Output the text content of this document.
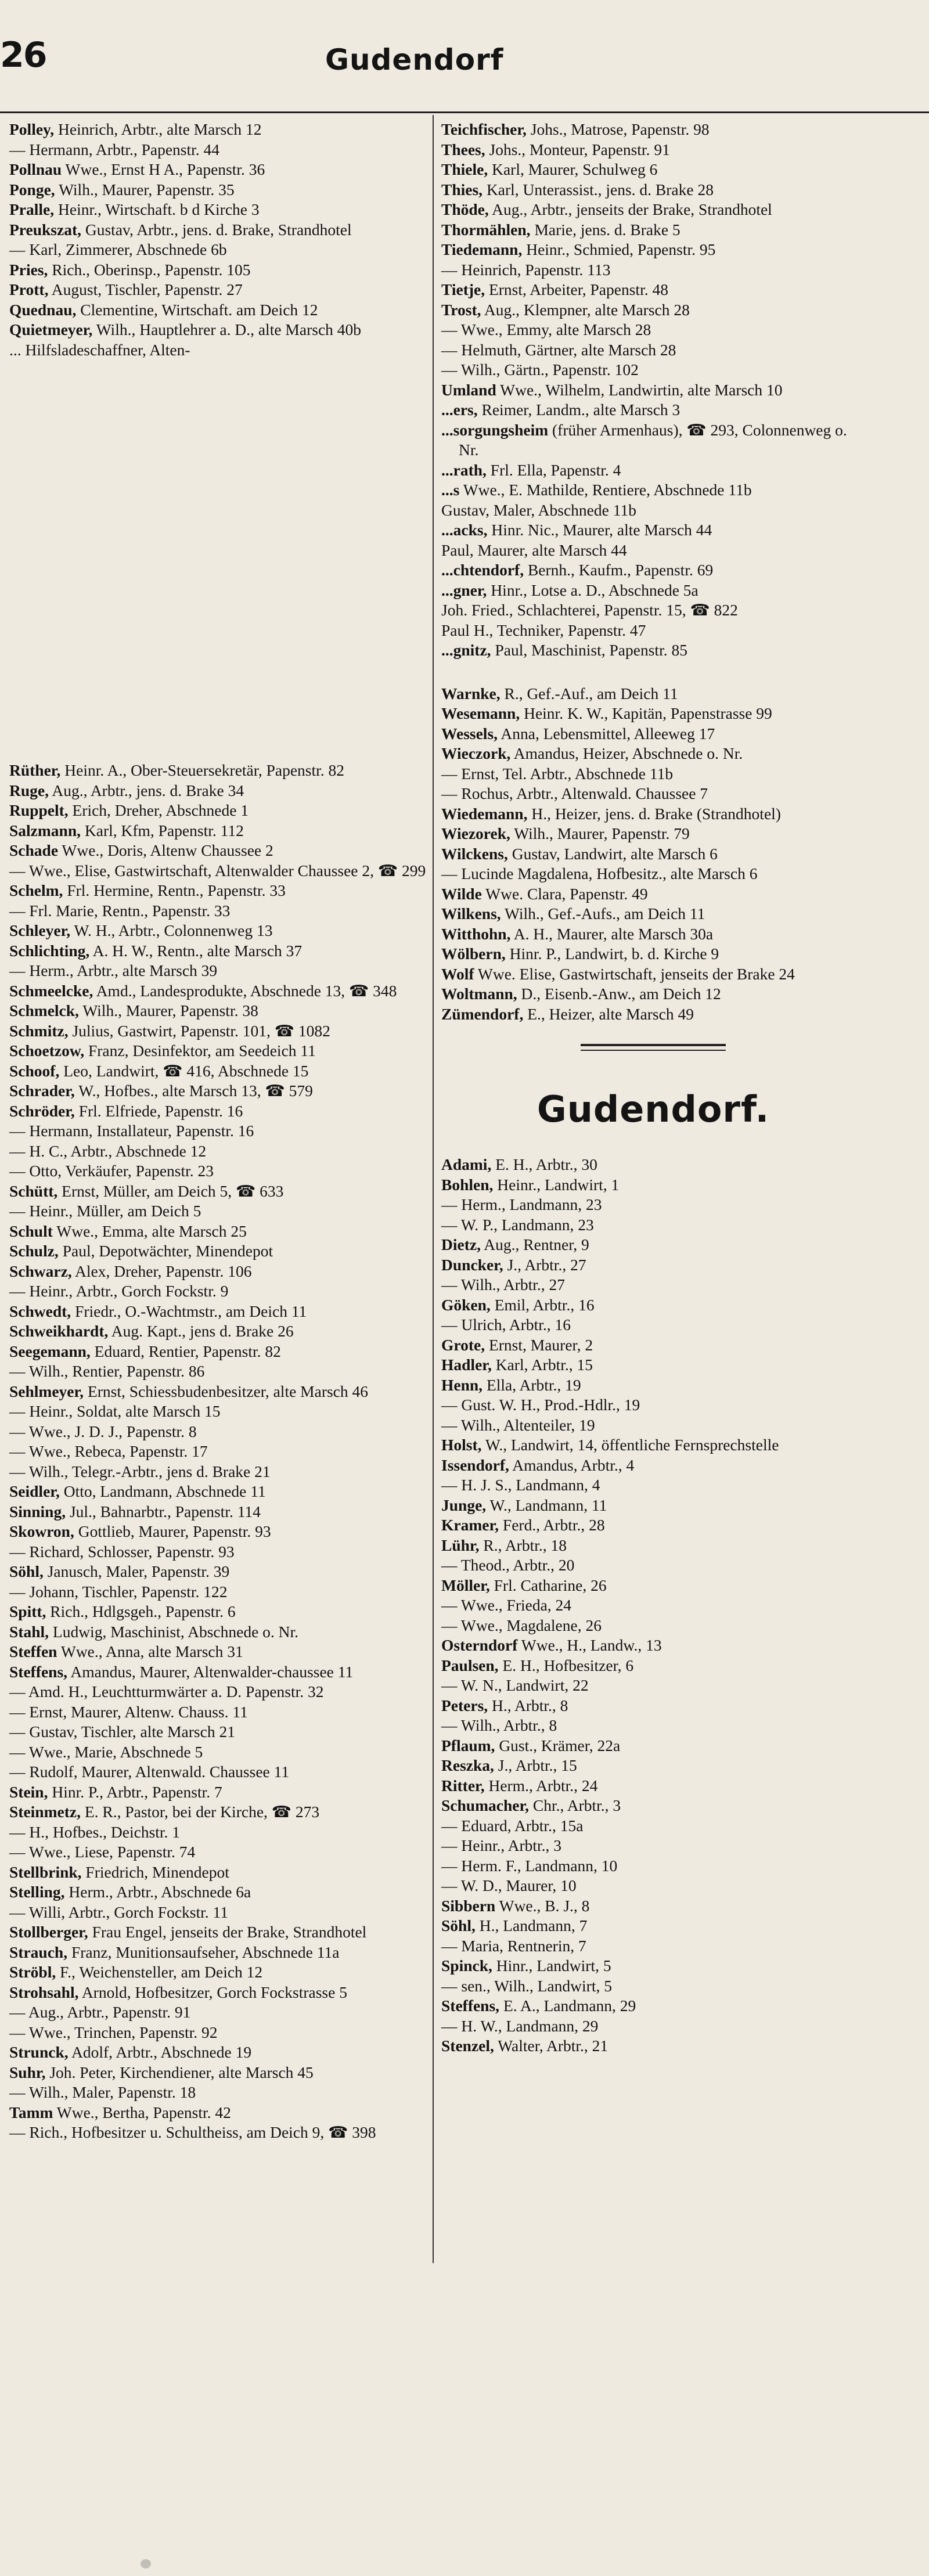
26	Gudendorf
Polley, Heinrich, Arbtr., alte Marsch 12
— Hermann, Arbtr., Papenstr. 44
Pollnau Wwe., Ernst H A., Papenstr. 36
Ponge, Wilh., Maurer, Papenstr. 35
Pralle, Heinr., Wirtschaft. b d Kirche 3
Preukszat, Gustav, Arbtr., jens. d. Brake, Strandhotel
— Karl, Zimmerer, Abschnede 6b
Pries, Rich., Oberinsp., Papenstr. 105
Prott, August, Tischler, Papenstr. 27
Quednau, Clementine, Wirtschaft. am Deich 12
Quietmeyer, Wilh., Hauptlehrer a. D., alte Marsch 40b
... Hilfsladeschaffner, Alten-
Rüther, Heinr. A., Ober-Steuersekretär, Papenstr. 82
Ruge, Aug., Arbtr., jens. d. Brake 34
Ruppelt, Erich, Dreher, Abschnede 1
Salzmann, Karl, Kfm, Papenstr. 112
Schade Wwe., Doris, Altenw Chaussee 2
— Wwe., Elise, Gastwirtschaft, Altenwalder Chaussee 2, ☎ 299
Schelm, Frl. Hermine, Rentn., Papenstr. 33
— Frl. Marie, Rentn., Papenstr. 33
Schleyer, W. H., Arbtr., Colonnenweg 13
Schlichting, A. H. W., Rentn., alte Marsch 37
— Herm., Arbtr., alte Marsch 39
Schmeelcke, Amd., Landesprodukte, Abschnede 13, ☎ 348
Schmelck, Wilh., Maurer, Papenstr. 38
Schmitz, Julius, Gastwirt, Papenstr. 101, ☎ 1082
Schoetzow, Franz, Desinfektor, am Seedeich 11
Schoof, Leo, Landwirt, ☎ 416, Abschnede 15
Schrader, W., Hofbes., alte Marsch 13, ☎ 579
Schröder, Frl. Elfriede, Papenstr. 16
— Hermann, Installateur, Papenstr. 16
— H. C., Arbtr., Abschnede 12
— Otto, Verkäufer, Papenstr. 23
Schütt, Ernst, Müller, am Deich 5, ☎ 633
— Heinr., Müller, am Deich 5
Schult Wwe., Emma, alte Marsch 25
Schulz, Paul, Depotwächter, Minendepot
Schwarz, Alex, Dreher, Papenstr. 106
— Heinr., Arbtr., Gorch Fockstr. 9
Schwedt, Friedr., O.-Wachtmstr., am Deich 11
Schweikhardt, Aug. Kapt., jens d. Brake 26
Seegemann, Eduard, Rentier, Papenstr. 82
— Wilh., Rentier, Papenstr. 86
Sehlmeyer, Ernst, Schiessbudenbesitzer, alte Marsch 46
— Heinr., Soldat, alte Marsch 15
— Wwe., J. D. J., Papenstr. 8
— Wwe., Rebeca, Papenstr. 17
— Wilh., Telegr.-Arbtr., jens d. Brake 21
Seidler, Otto, Landmann, Abschnede 11
Sinning, Jul., Bahnarbtr., Papenstr. 114
Skowron, Gottlieb, Maurer, Papenstr. 93
— Richard, Schlosser, Papenstr. 93
Söhl, Janusch, Maler, Papenstr. 39
— Johann, Tischler, Papenstr. 122
Spitt, Rich., Hdlgsgeh., Papenstr. 6
Stahl, Ludwig, Maschinist, Abschnede o. Nr.
Steffen Wwe., Anna, alte Marsch 31
Steffens, Amandus, Maurer, Altenwalder-chaussee 11
— Amd. H., Leuchtturmwärter a. D. Papenstr. 32
— Ernst, Maurer, Altenw. Chauss. 11
— Gustav, Tischler, alte Marsch 21
— Wwe., Marie, Abschnede 5
— Rudolf, Maurer, Altenwald. Chaussee 11
Stein, Hinr. P., Arbtr., Papenstr. 7
Steinmetz, E. R., Pastor, bei der Kirche, ☎ 273
— H., Hofbes., Deichstr. 1
— Wwe., Liese, Papenstr. 74
Stellbrink, Friedrich, Minendepot
Stelling, Herm., Arbtr., Abschnede 6a
— Willi, Arbtr., Gorch Fockstr. 11
Stollberger, Frau Engel, jenseits der Brake, Strandhotel
Strauch, Franz, Munitionsaufseher, Abschnede 11a
Ströbl, F., Weichensteller, am Deich 12
Strohsahl, Arnold, Hofbesitzer, Gorch Fockstrasse 5
— Aug., Arbtr., Papenstr. 91
— Wwe., Trinchen, Papenstr. 92
Strunck, Adolf, Arbtr., Abschnede 19
Suhr, Joh. Peter, Kirchendiener, alte Marsch 45
— Wilh., Maler, Papenstr. 18
Tamm Wwe., Bertha, Papenstr. 42
— Rich., Hofbesitzer u. Schultheiss, am Deich 9, ☎ 398
Teichfischer, Johs., Matrose, Papenstr. 98
Thees, Johs., Monteur, Papenstr. 91
Thiele, Karl, Maurer, Schulweg 6
Thies, Karl, Unterassist., jens. d. Brake 28
Thöde, Aug., Arbtr., jenseits der Brake, Strandhotel
Thormählen, Marie, jens. d. Brake 5
Tiedemann, Heinr., Schmied, Papenstr. 95
— Heinrich, Papenstr. 113
Tietje, Ernst, Arbeiter, Papenstr. 48
Trost, Aug., Klempner, alte Marsch 28
— Wwe., Emmy, alte Marsch 28
— Helmuth, Gärtner, alte Marsch 28
— Wilh., Gärtn., Papenstr. 102
Umland Wwe., Wilhelm, Landwirtin, alte Marsch 10
...ers, Reimer, Landm., alte Marsch 3
...sorgungsheim (früher Armenhaus), ☎ 293, Colonnenweg o. Nr.
...rath, Frl. Ella, Papenstr. 4
...s Wwe., E. Mathilde, Rentiere, Abschnede 11b
Gustav, Maler, Abschnede 11b
...acks, Hinr. Nic., Maurer, alte Marsch 44
Paul, Maurer, alte Marsch 44
...chtendorf, Bernh., Kaufm., Papenstr. 69
...gner, Hinr., Lotse a. D., Abschnede 5a
Joh. Fried., Schlachterei, Papenstr. 15, ☎ 822
Paul H., Techniker, Papenstr. 47
...gnitz, Paul, Maschinist, Papenstr. 85
Warnke, R., Gef.-Auf., am Deich 11
Wesemann, Heinr. K. W., Kapitän, Papenstrasse 99
Wessels, Anna, Lebensmittel, Alleeweg 17
Wieczork, Amandus, Heizer, Abschnede o. Nr.
— Ernst, Tel. Arbtr., Abschnede 11b
— Rochus, Arbtr., Altenwald. Chaussee 7
Wiedemann, H., Heizer, jens. d. Brake (Strandhotel)
Wiezorek, Wilh., Maurer, Papenstr. 79
Wilckens, Gustav, Landwirt, alte Marsch 6
— Lucinde Magdalena, Hofbesitz., alte Marsch 6
Wilde Wwe. Clara, Papenstr. 49
Wilkens, Wilh., Gef.-Aufs., am Deich 11
Witthohn, A. H., Maurer, alte Marsch 30a
Wölbern, Hinr. P., Landwirt, b. d. Kirche 9
Wolf Wwe. Elise, Gastwirtschaft, jenseits der Brake 24
Woltmann, D., Eisenb.-Anw., am Deich 12
Zümendorf, E., Heizer, alte Marsch 49
Gudendorf.
Adami, E. H., Arbtr., 30
Bohlen, Heinr., Landwirt, 1
— Herm., Landmann, 23
— W. P., Landmann, 23
Dietz, Aug., Rentner, 9
Duncker, J., Arbtr., 27
— Wilh., Arbtr., 27
Göken, Emil, Arbtr., 16
— Ulrich, Arbtr., 16
Grote, Ernst, Maurer, 2
Hadler, Karl, Arbtr., 15
Henn, Ella, Arbtr., 19
— Gust. W. H., Prod.-Hdlr., 19
— Wilh., Altenteiler, 19
Holst, W., Landwirt, 14, öffentliche Fernsprechstelle
Issendorf, Amandus, Arbtr., 4
— H. J. S., Landmann, 4
Junge, W., Landmann, 11
Kramer, Ferd., Arbtr., 28
Lühr, R., Arbtr., 18
— Theod., Arbtr., 20
Möller, Frl. Catharine, 26
— Wwe., Frieda, 24
— Wwe., Magdalene, 26
Osterndorf Wwe., H., Landw., 13
Paulsen, E. H., Hofbesitzer, 6
— W. N., Landwirt, 22
Peters, H., Arbtr., 8
— Wilh., Arbtr., 8
Pflaum, Gust., Krämer, 22a
Reszka, J., Arbtr., 15
Ritter, Herm., Arbtr., 24
Schumacher, Chr., Arbtr., 3
— Eduard, Arbtr., 15a
— Heinr., Arbtr., 3
— Herm. F., Landmann, 10
— W. D., Maurer, 10
Sibbern Wwe., B. J., 8
Söhl, H., Landmann, 7
— Maria, Rentnerin, 7
Spinck, Hinr., Landwirt, 5
— sen., Wilh., Landwirt, 5
Steffens, E. A., Landmann, 29
— H. W., Landmann, 29
Stenzel, Walter, Arbtr., 21
